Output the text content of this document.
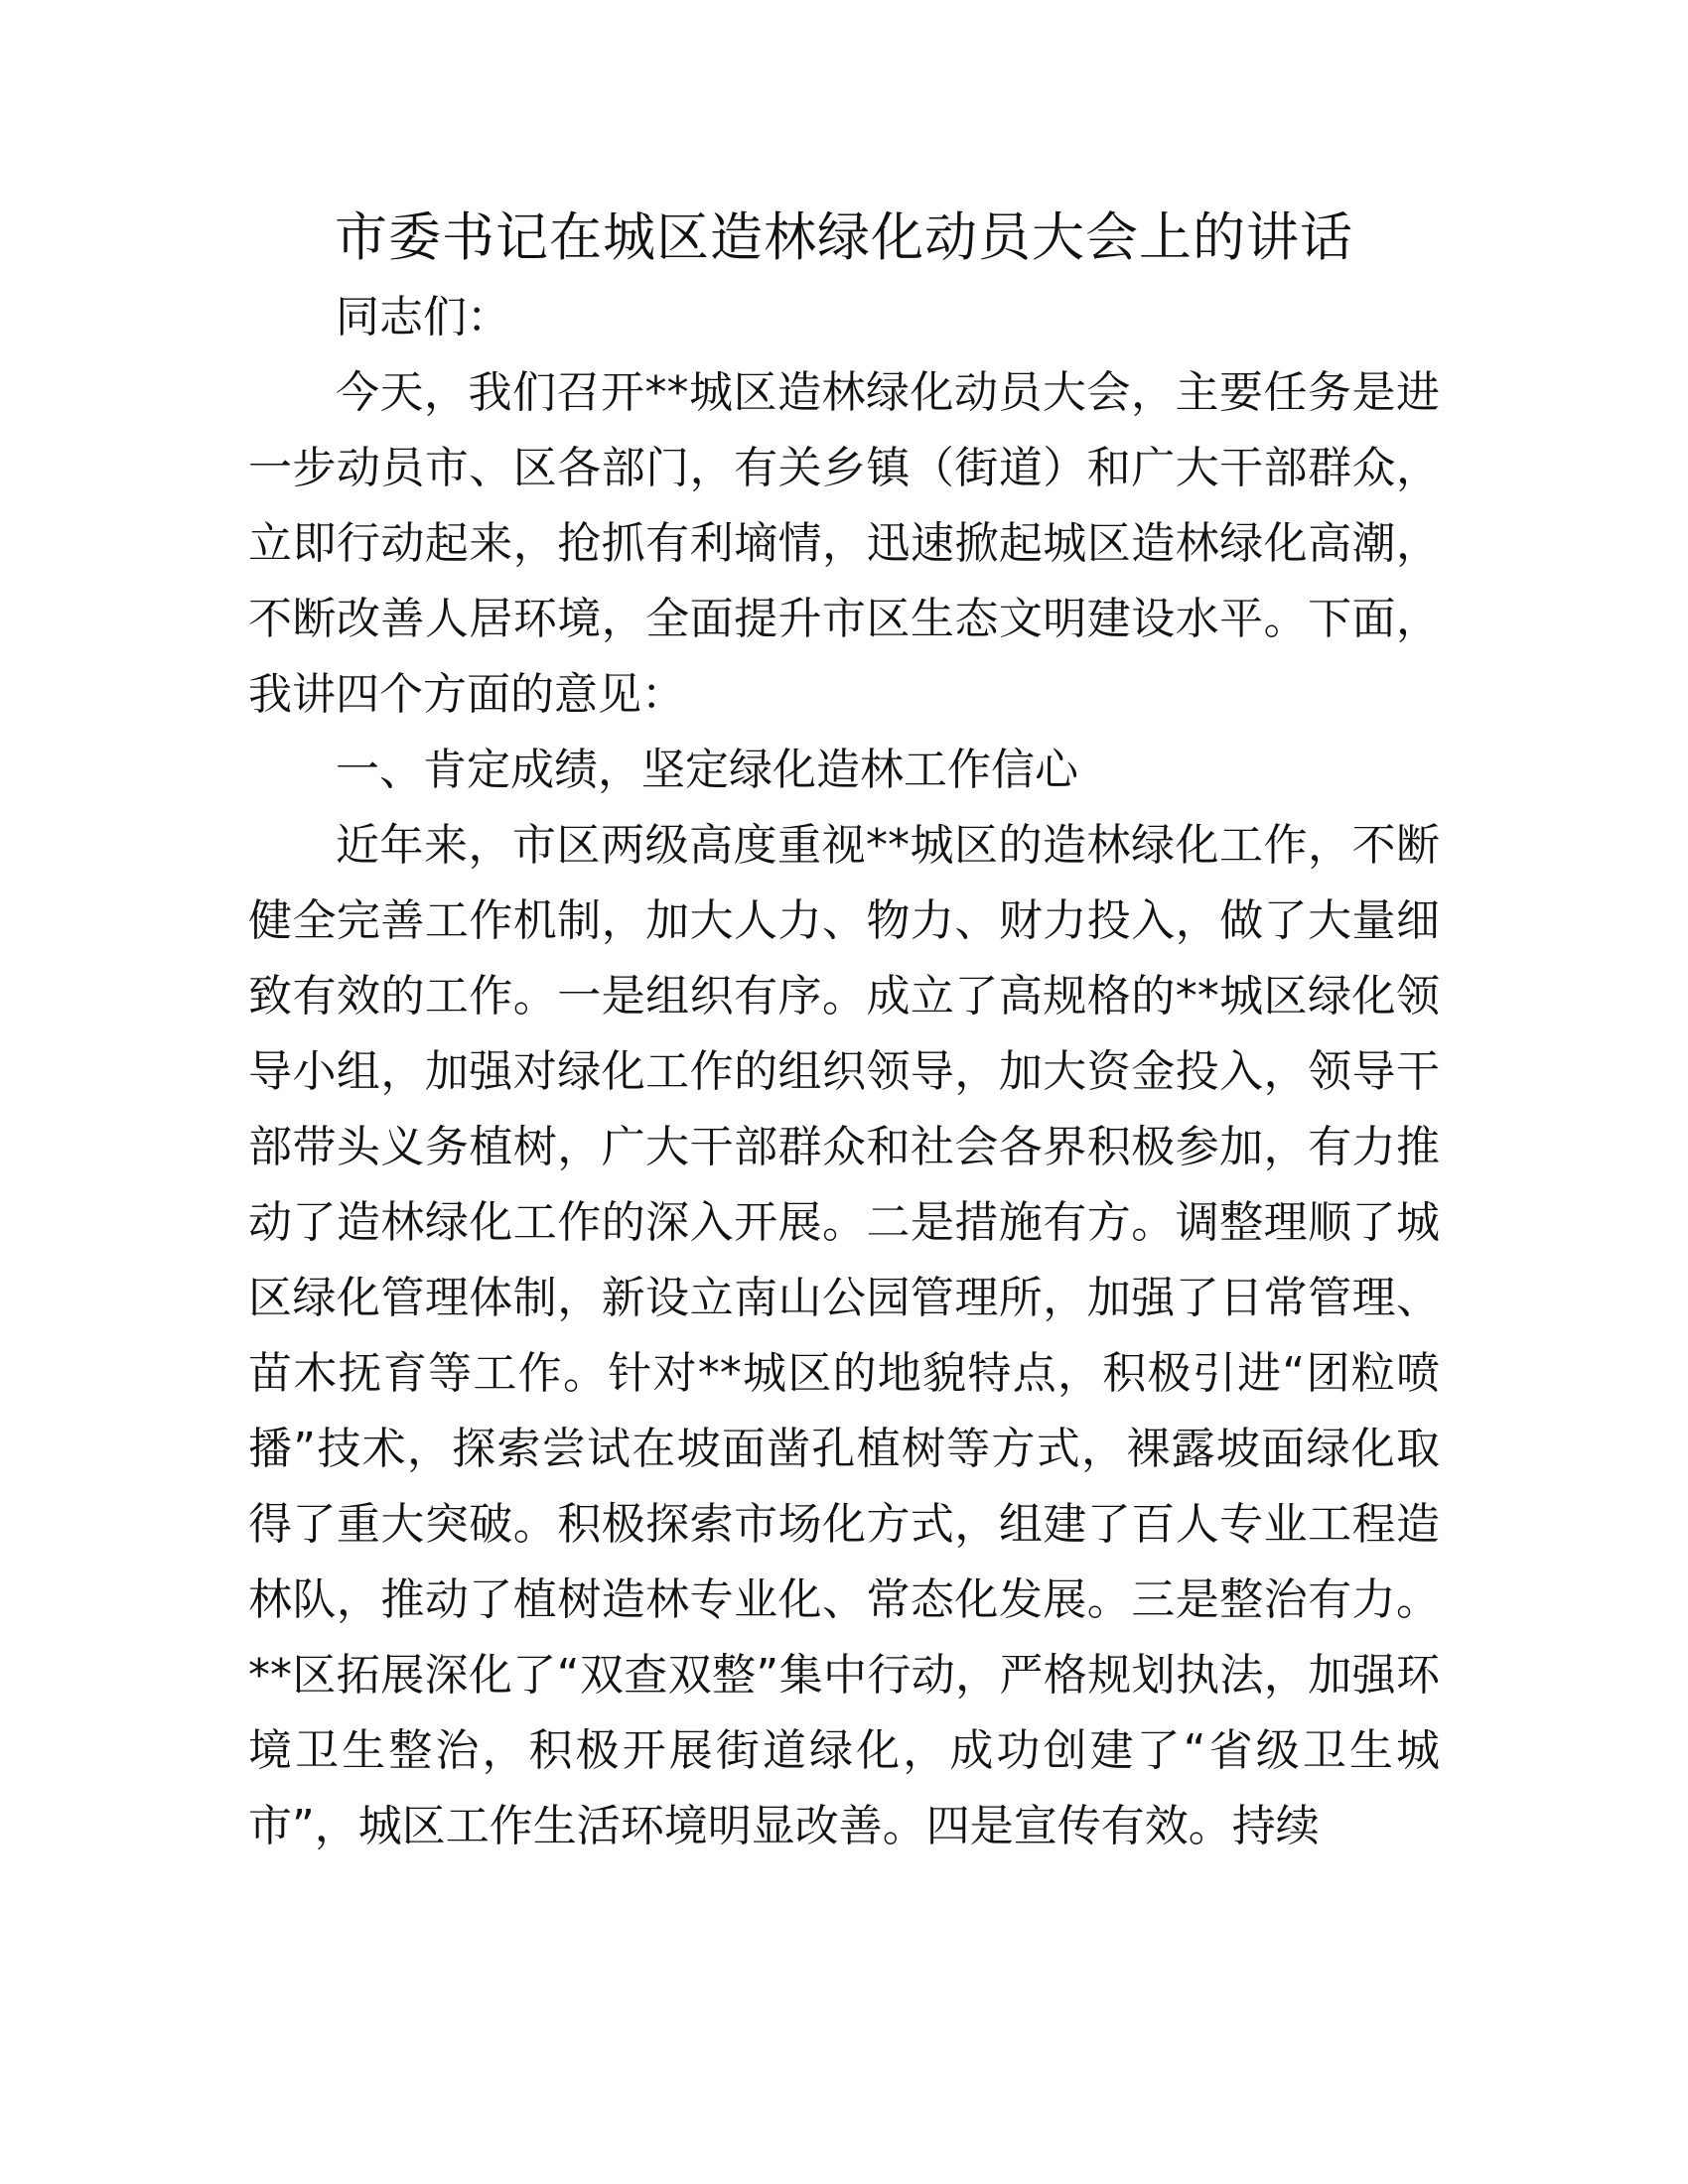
市委书记在城区造林绿化动员大会上的讲话

同志们：

今天，我们召开**城区造林绿化动员大会，主要任务是进一步动员市、区各部门，有关乡镇（街道）和广大干部群众，立即行动起来，抢抓有利墒情，迅速掀起城区造林绿化高潮，不断改善人居环境，全面提升市区生态文明建设水平。下面，我讲四个方面的意见：

一、肯定成绩，坚定绿化造林工作信心

近年来，市区两级高度重视**城区的造林绿化工作，不断健全完善工作机制，加大人力、物力、财力投入，做了大量细致有效的工作。一是组织有序。成立了高规格的**城区绿化领导小组，加强对绿化工作的组织领导，加大资金投入，领导干部带头义务植树，广大干部群众和社会各界积极参加，有力推动了造林绿化工作的深入开展。二是措施有方。调整理顺了城区绿化管理体制，新设立南山公园管理所，加强了日常管理、苗木抚育等工作。针对**城区的地貌特点，积极引进“团粒喷播”技术，探索尝试在坡面凿孔植树等方式，裸露坡面绿化取得了重大突破。积极探索市场化方式，组建了百人专业工程造林队，推动了植树造林专业化、常态化发展。三是整治有力。**区拓展深化了“双查双整”集中行动，严格规划执法，加强环境卫生整治，积极开展街道绿化，成功创建了“省级卫生城市”，城区工作生活环境明显改善。四是宣传有效。持续
